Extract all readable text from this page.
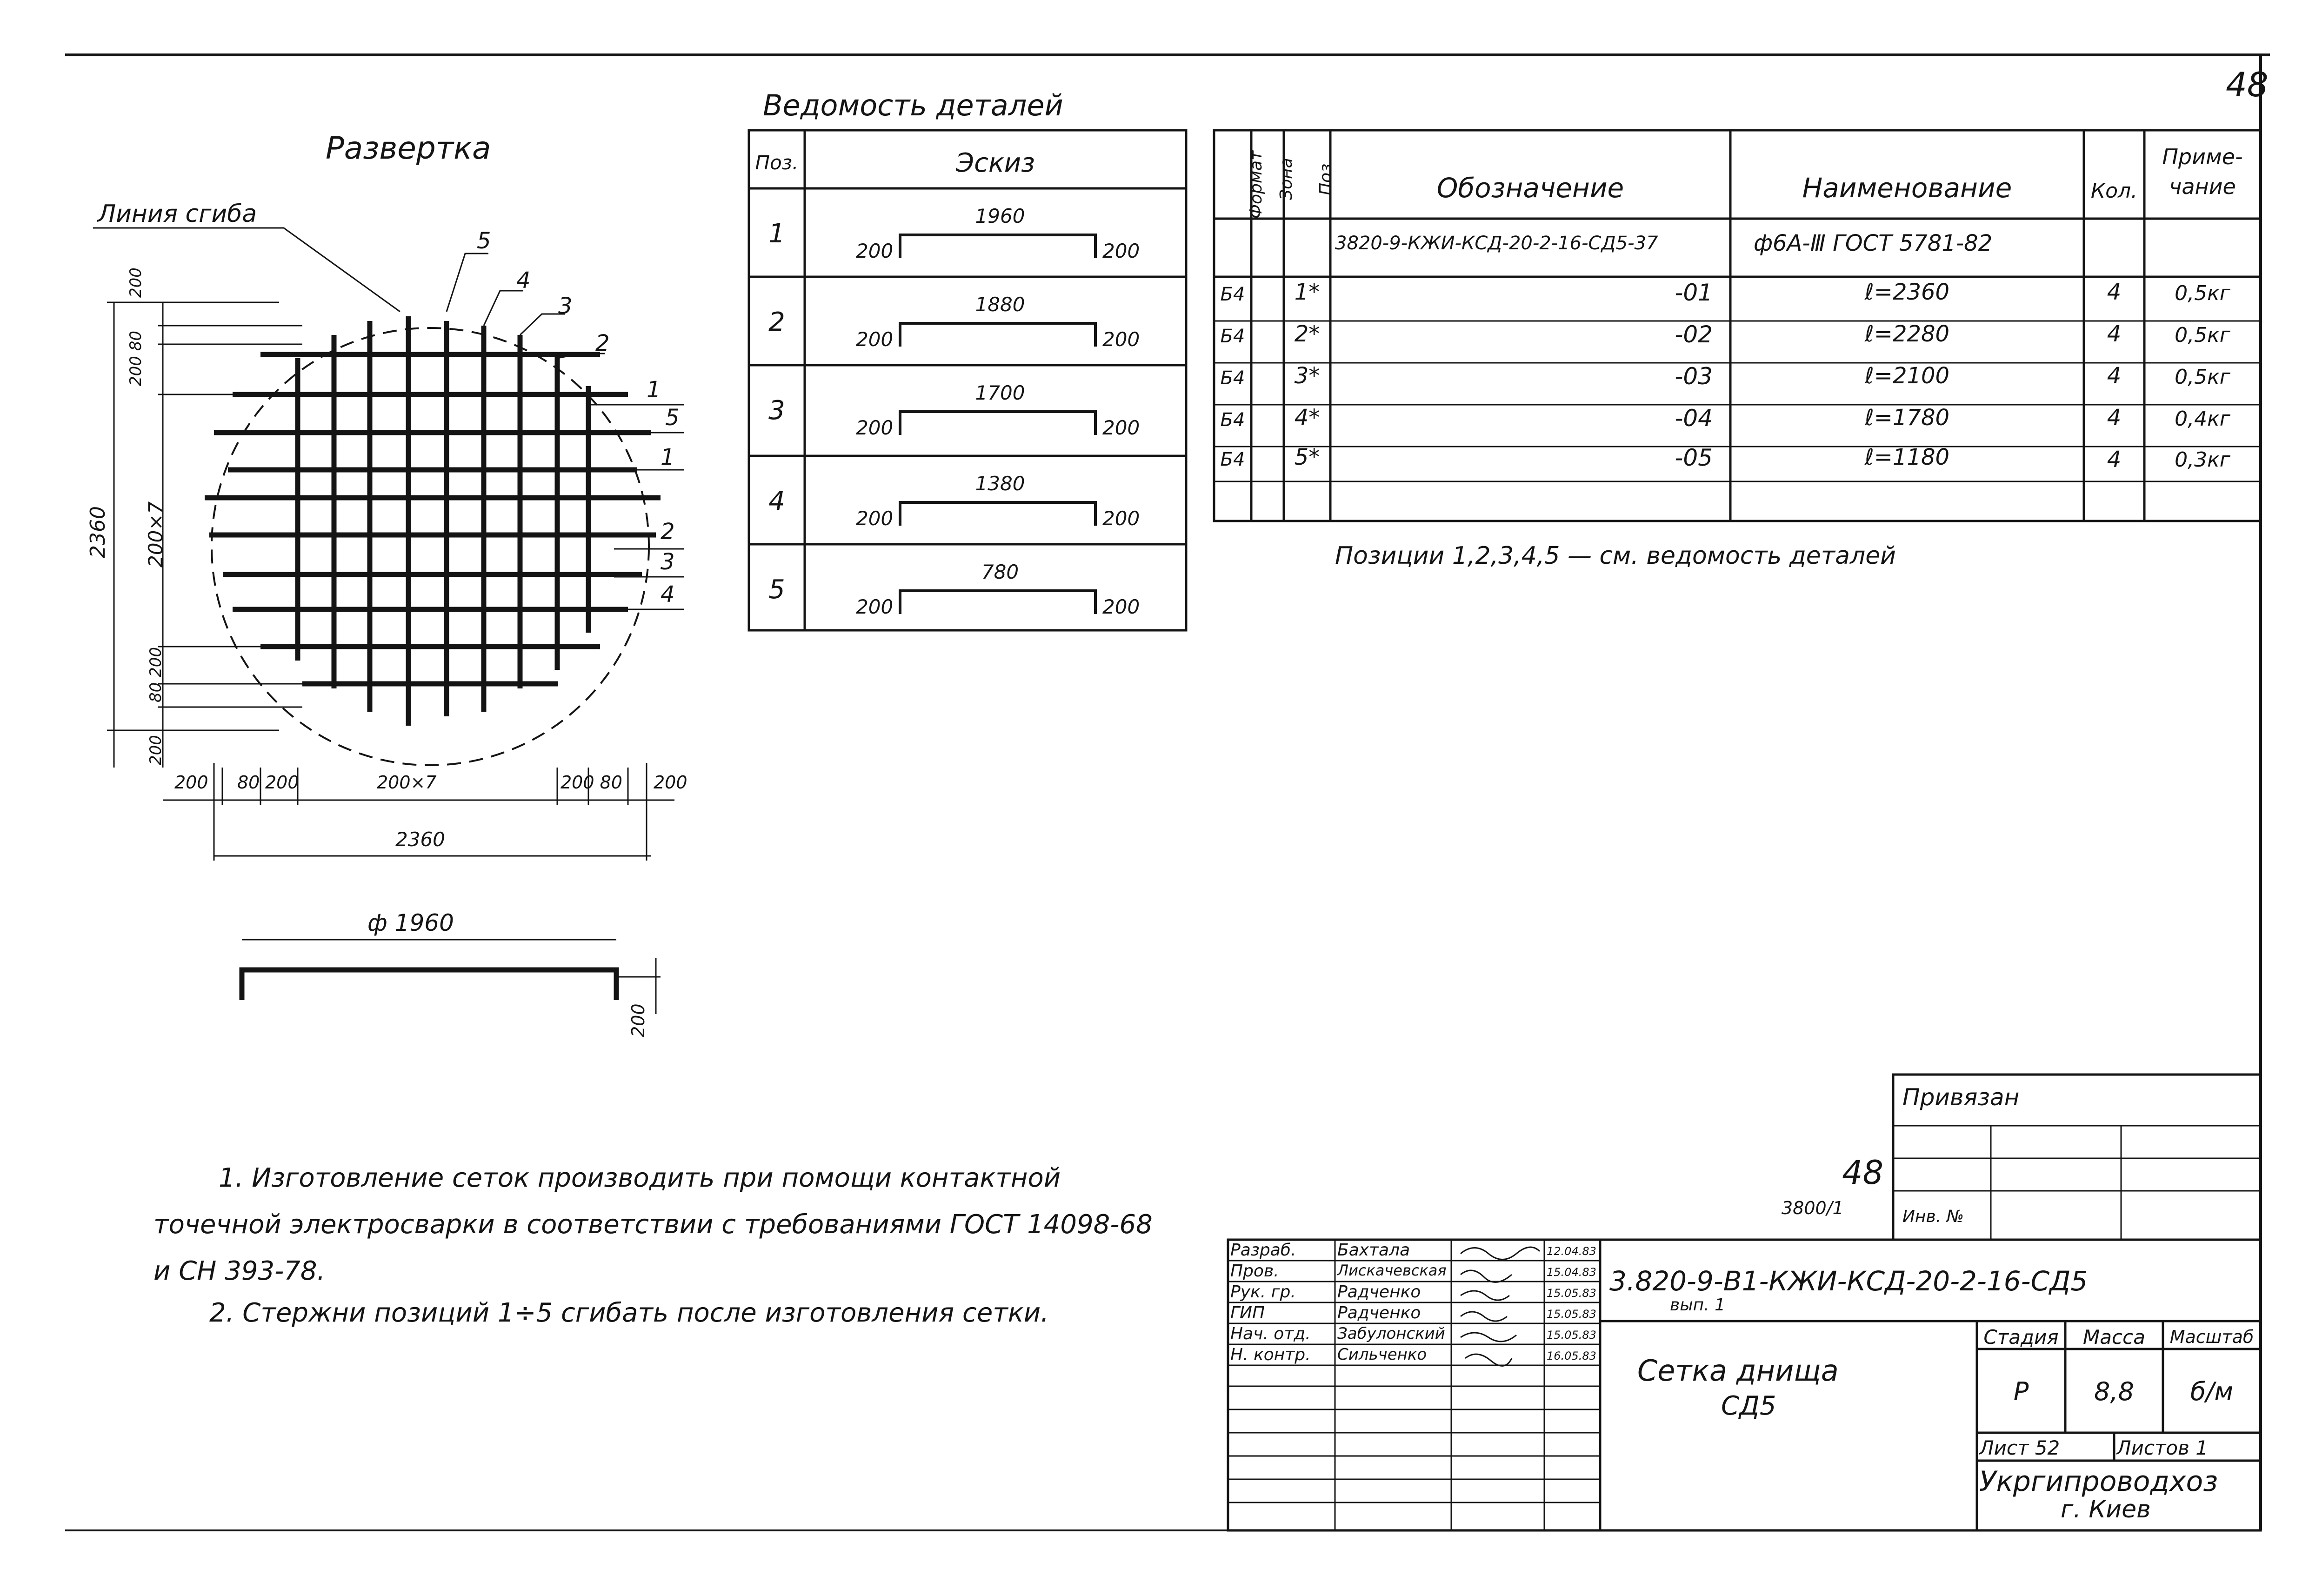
48
Развертка
Линия сгиба
5
4
3
2
1
5
1
2
3
4
200
200 80
2360 200×7
80 200
200
200 80 200	200×7	200 80 200
2360
ф 1960
200
Ведомость деталей
Поз.	Эскиз
1
1960
200	200
2
1880
200	200
3
1700
200	200
4
1380
200	200
5
780
200	200
Формат Зона Поз.	Обозначение	Наименование	Кол.
Приме-
чание
3820-9-КЖИ-КСД-20-2-16-СД5-37	ф6А-Ⅲ ГОСТ 5781-82
Б4	1*	-01	ℓ=2360	4	0,5кг
Б4	2*	-02	ℓ=2280	4	0,5кг
Б4	3*	-03	ℓ=2100	4	0,5кг
Б4	4*	-04	ℓ=1780	4	0,4кг
Б4	5*	-05	ℓ=1180	4	0,3кг
Позиции 1,2,3,4,5 — см. ведомость деталей
1. Изготовление сеток производить при помощи контактной
точечной электросварки в соответствии с требованиями ГОСТ 14098-68
и СН 393-78.
2. Стержни позиций 1÷5 сгибать после изготовления сетки.
Привязан
48
3800/1	Инв. №
Разраб.	Бахтала	12.04.83
Пров.	Лискачевская	15.04.83
Рук. гр.	Радченко	15.05.83
ГИП	Радченко	15.05.83
Нач. отд.	Забулонский	15.05.83
Н. контр.	Сильченко	16.05.83
3.820-9-В1-КЖИ-КСД-20-2-16-СД5
вып. 1
Сетка днища
СД5
Стадия	Масса	Масштаб
Р	8,8	б/м
Лист 52	Листов 1
Укргипроводхоз
г. Киев
